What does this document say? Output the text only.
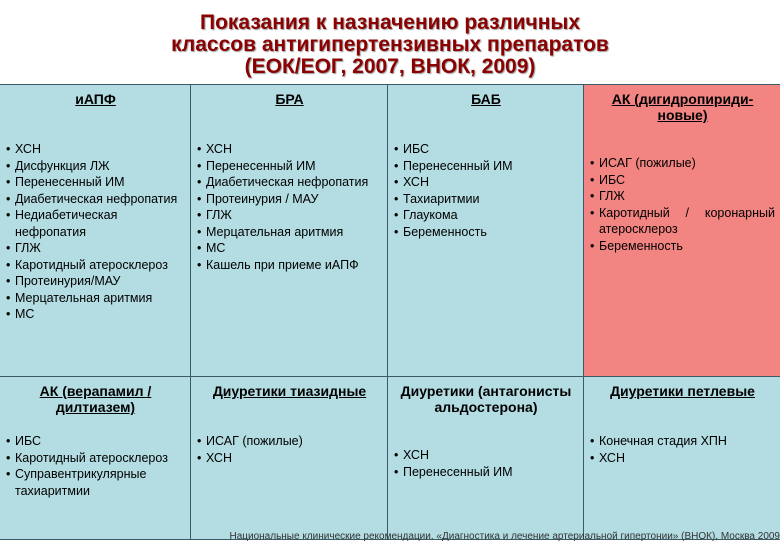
Показания к назначению различных
классов антигипертензивных препаратов
(ЕОК/ЕОГ, 2007, ВНОК, 2009)
иАПФ
• ХСН
• Дисфункция ЛЖ
• Перенесенный ИМ
• Диабетическая нефропатия
• Недиабетическая нефропатия
• ГЛЖ
• Каротидный атеросклероз
• Протеинурия/МАУ
• Мерцательная аритмия
• МС
БРА
• ХСН
• Перенесенный ИМ
• Диабетическая нефропатия
• Протеинурия / МАУ
• ГЛЖ
• Мерцательная аритмия
• МС
• Кашель при приеме иАПФ
БАБ
• ИБС
• Перенесенный ИМ
• ХСН
• Тахиаритмии
• Глаукома
• Беременность
АК (дигидропириди-новые)
• ИСАГ (пожилые)
• ИБС
• ГЛЖ
• Каротидный / коронарный атеросклероз
• Беременность
АК (верапамил / дилтиазем)
• ИБС
• Каротидный атеросклероз
• Суправентрикулярные тахиаритмии
Диуретики тиазидные
• ИСАГ (пожилые)
• ХСН
Диуретики (антагонисты альдостерона)
• ХСН
• Перенесенный ИМ
Диуретики петлевые
• Конечная стадия ХПН
• ХСН
Национальные клинические рекомендации. «Диагностика и лечение артериальной гипертонии» (ВНОК), Москва 2009
